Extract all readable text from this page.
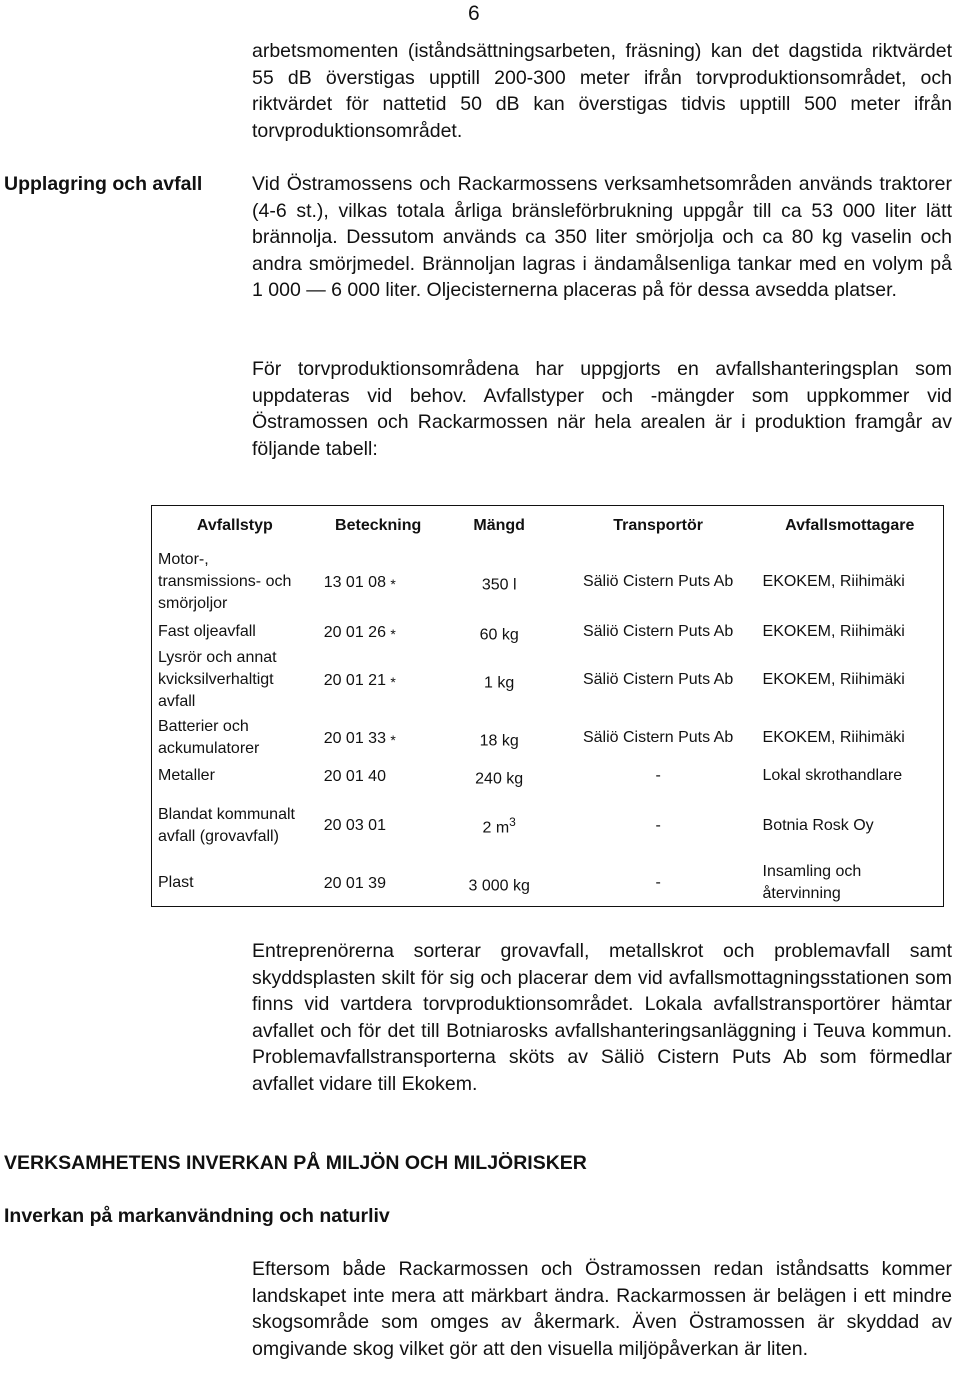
6

arbetsmomenten (iståndsättningsarbeten, fräsning) kan det dagstida riktvärdet 55 dB överstigas upptill 200-300 meter ifrån torvproduktionsområdet, och riktvärdet för nattetid 50 dB kan överstigas tidvis upptill 500 meter ifrån torvproduktionsområdet.

Upplagring och avfall	Vid Östramossens och Rackarmossens verksamhetsområden används traktorer (4-6 st.), vilkas totala årliga bränsleförbrukning uppgår till ca 53 000 liter lätt brännolja. Dessutom används ca 350 liter smörjolja och ca 80 kg vaselin och andra smörjmedel. Brännoljan lagras i ändamålsenliga tankar med en volym på 1 000 — 6 000 liter. Oljecisternerna placeras på för dessa avsedda platser.

För torvproduktionsområdena har uppgjorts en avfallshanteringsplan som uppdateras vid behov. Avfallstyper och -mängder som uppkommer vid Östramossen och Rackarmossen när hela arealen är i produktion framgår av följande tabell:

Avfallstyp	Beteckning	Mängd	Transportör	Avfallsmottagare
Motor-, transmissions- och smörjoljor	13 01 08 *	350 l	Säliö Cistern Puts Ab	EKOKEM, Riihimäki
Fast oljeavfall	20 01 26 *	60 kg	Säliö Cistern Puts Ab	EKOKEM, Riihimäki
Lysrör och annat kvicksilverhaltigt avfall	20 01 21 *	1 kg	Säliö Cistern Puts Ab	EKOKEM, Riihimäki
Batterier och ackumulatorer	20 01 33 *	18 kg	Säliö Cistern Puts Ab	EKOKEM, Riihimäki
Metaller	20 01 40	240 kg	-	Lokal skrothandlare
Blandat kommunalt avfall (grovavfall)	20 03 01	2 $m^3$	-	Botnia Rosk Oy
Plast	20 01 39	3 000 kg	-	Insamling och återvinning

Entreprenörerna sorterar grovavfall, metallskrot och problemavfall samt skyddsplasten skilt för sig och placerar dem vid avfallsmottagningsstationen som finns vid vartdera torvproduktionsområdet. Lokala avfallstransportörer hämtar avfallet och för det till Botniarosks avfallshanteringsanläggning i Teuva kommun. Problemavfallstransporterna sköts av Säliö Cistern Puts Ab som förmedlar avfallet vidare till Ekokem.

VERKSAMHETENS INVERKAN PÅ MILJÖN OCH MILJÖRISKER
Inverkan på markanvändning och naturliv

Eftersom både Rackarmossen och Östramossen redan iståndsatts kommer landskapet inte mera att märkbart ändra. Rackarmossen är belägen i ett mindre skogsområde som omges av åkermark. Även Östramossen är skyddad av omgivande skog vilket gör att den visuella miljöpåverkan är liten.
